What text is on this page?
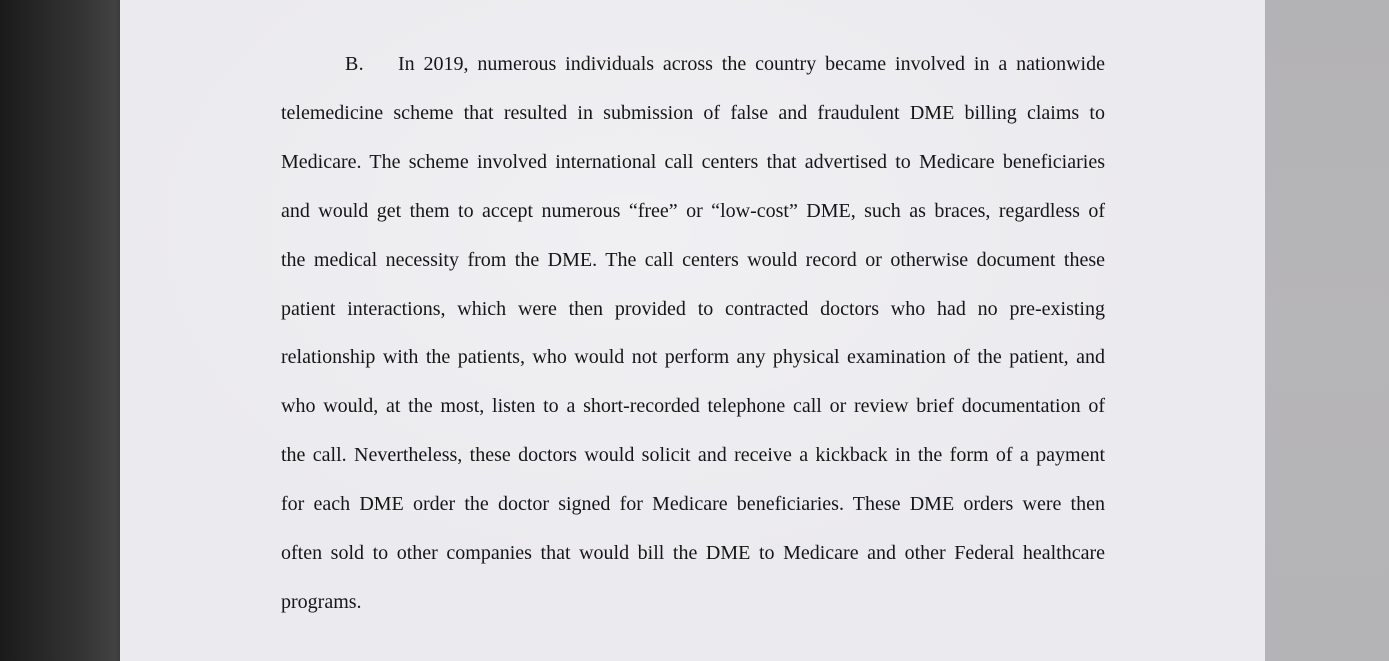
B. In 2019, numerous individuals across the country became involved in a nationwide
telemedicine scheme that resulted in submission of false and fraudulent DME billing claims to
Medicare. The scheme involved international call centers that advertised to Medicare beneficiaries
and would get them to accept numerous “free” or “low-cost” DME, such as braces, regardless of
the medical necessity from the DME. The call centers would record or otherwise document these
patient interactions, which were then provided to contracted doctors who had no pre-existing
relationship with the patients, who would not perform any physical examination of the patient, and
who would, at the most, listen to a short-recorded telephone call or review brief documentation of
the call. Nevertheless, these doctors would solicit and receive a kickback in the form of a payment
for each DME order the doctor signed for Medicare beneficiaries. These DME orders were then
often sold to other companies that would bill the DME to Medicare and other Federal healthcare
programs.
